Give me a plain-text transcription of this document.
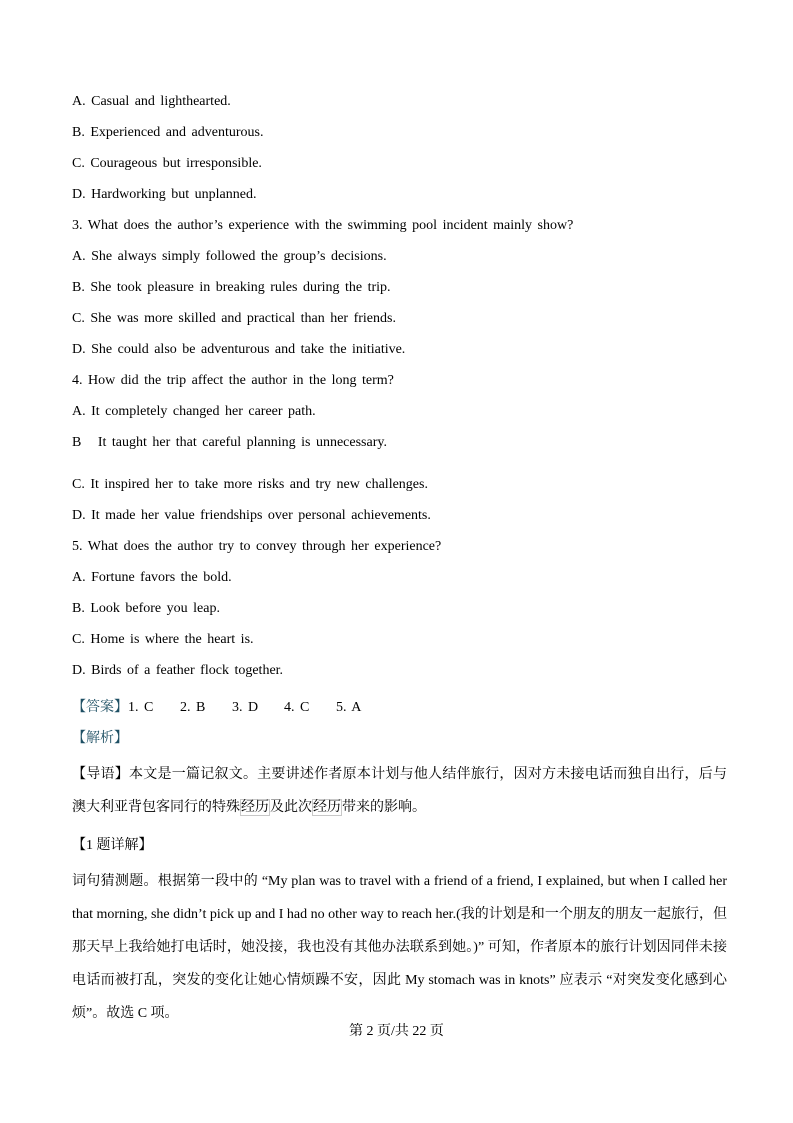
A. Casual and lighthearted.

B. Experienced and adventurous.

C. Courageous but irresponsible.

D. Hardworking but unplanned.

3. What does the author’s experience with the swimming pool incident mainly show?

A. She always simply followed the group’s decisions.

B. She took pleasure in breaking rules during the trip.

C. She was more skilled and practical than her friends.

D. She could also be adventurous and take the initiative.

4. How did the trip affect the author in the long term?

A. It completely changed her career path.

B   It taught her that careful planning is unnecessary.

C. It inspired her to take more risks and try new challenges.

D. It made her value friendships over personal achievements.

5. What does the author try to convey through her experience?

A. Fortune favors the bold.

B. Look before you leap.

C. Home is where the heart is.

D. Birds of a feather flock together.

【答案】1. C 2. B 3. D 4. C 5. A

【解析】

【导语】本文是一篇记叙文。主要讲述作者原本计划与他人结伴旅行，因对方未接电话而独自出行，后与澳大利亚背包客同行的特殊经历及此次经历带来的影响。

【1 题详解】

词句猜测题。根据第一段中的 “My plan was to travel with a friend of a friend, I explained, but when I called her that morning, she didn’t pick up and I had no other way to reach her.(我的计划是和一个朋友的朋友一起旅行，但那天早上我给她打电话时，她没接，我也没有其他办法联系到她。)” 可知，作者原本的旅行计划因同伴未接电话而被打乱，突发的变化让她心情烦躁不安，因此 My stomach was in knots” 应表示 “对突发变化感到心烦”。故选 C 项。

第 2 页/共 22 页
